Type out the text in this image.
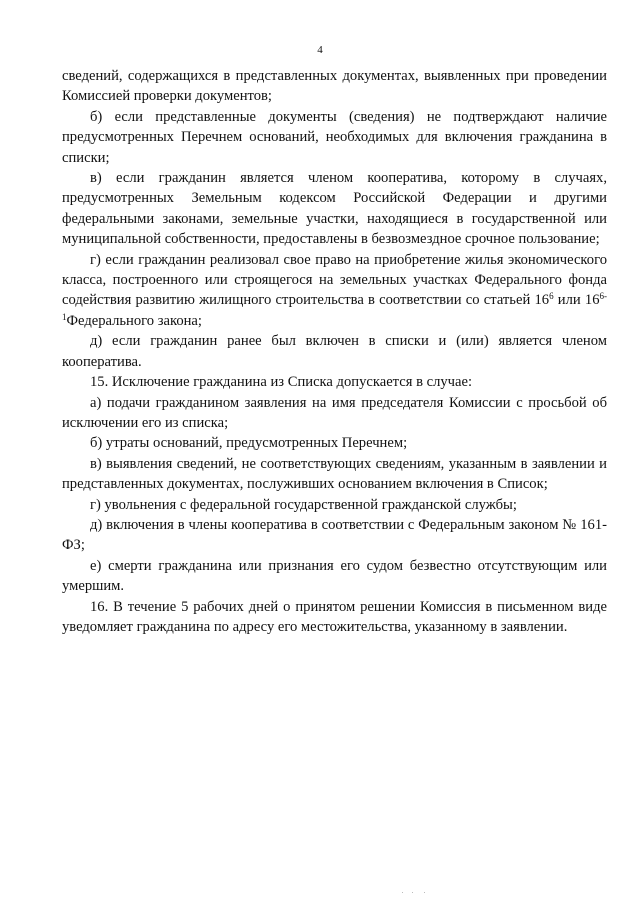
4

сведений, содержащихся в представленных документах, выявленных при проведении Комиссией проверки документов;

б) если представленные документы (сведения) не подтверждают наличие предусмотренных Перечнем оснований, необходимых для включения гражданина в списки;

в) если гражданин является членом кооператива, которому в случаях, предусмотренных Земельным кодексом Российской Федерации и другими федеральными законами, земельные участки, находящиеся в государственной или муниципальной собственности, предоставлены в безвозмездное срочное пользование;

г) если гражданин реализовал свое право на приобретение жилья экономического класса, построенного или строящегося на земельных участках Федерального фонда содействия развитию жилищного строительства в соответствии со статьей $16^6$ или 16$^{6-1}$Федерального закона;

д) если гражданин ранее был включен в списки и (или) является членом кооператива.

15. Исключение гражданина из Списка допускается в случае:

а) подачи гражданином заявления на имя председателя Комиссии с просьбой об исключении его из списка;

б) утраты оснований, предусмотренных Перечнем;

в) выявления сведений, не соответствующих сведениям, указанным в заявлении и представленных документах, послуживших основанием включения в Список;

г) увольнения с федеральной государственной гражданской службы;

д) включения в члены кооператива в соответствии с Федеральным законом № 161-ФЗ;

е) смерти гражданина или признания его судом безвестно отсутствующим или умершим.

16. В течение 5 рабочих дней о принятом решении Комиссия в письменном виде уведомляет гражданина по адресу его местожительства, указанному в заявлении.
